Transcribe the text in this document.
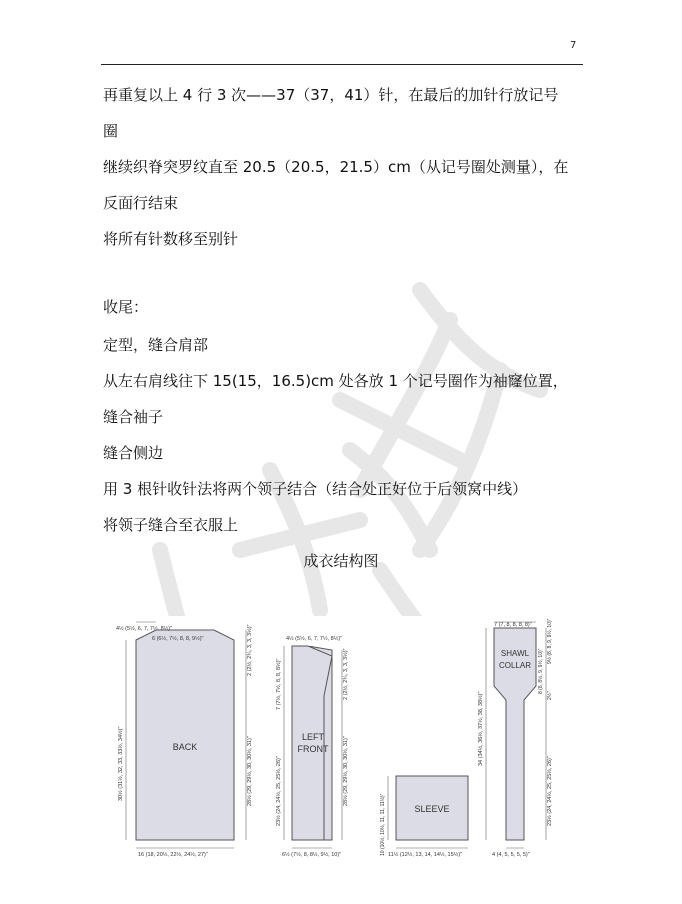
7
再重复以上 4 行 3 次——37（37，41）针，在最后的加针行放记号
圈
继续织脊突罗纹直至 20.5（20.5，21.5）cm（从记号圈处测量），在
反面行结束
将所有针数移至别针
收尾：
定型，缝合肩部
从左右肩线往下 15(15，16.5)cm 处各放 1 个记号圈作为袖窿位置，
缝合袖子
缝合侧边
用 3 根针收针法将两个领子结合（结合处正好位于后领窝中线）
将领子缝合至衣服上
成衣结构图
BACK
4½ (5½, 6, 7, 7½, 8½)"
6 (6½, 7½, 8, 8, 9½)"
30½ (31½, 32, 33, 33½, 34½)"
2 (2½, 2¾, 3, 3, 3½)"
28½ (29, 29½, 30, 30½, 31)"
16 (18, 20½, 22½, 24½, 27)"
LEFT
FRONT
4½ (5½, 6, 7, 7½, 8½)"
7 (7½, 7½, 8, 8, 8½)"
23½ (24, 24½, 25, 25½, 26)"
2 (2½, 2¾, 3, 3, 3½)"
28½ (29, 29½, 30, 30½, 31)"
6½ (7½, 8, 8½, 9½, 10)"
SLEEVE
10 (10½, 10½, 11, 11, 11½)" 11½ (12½, 13, 14, 14½, 15½)"
SHAWL
COLLAR
7 (7, 8, 8, 8, 8)"	9½ (8, 8, 9, 9½, 10)"
8 (8, 8½, 9, 9½, 10)"
2½"
34 (34½, 36½, 37½, 38, 38½)"
23½ (24, 24½, 25, 25½, 26)"
4 (4, 5, 5, 5, 5)"
